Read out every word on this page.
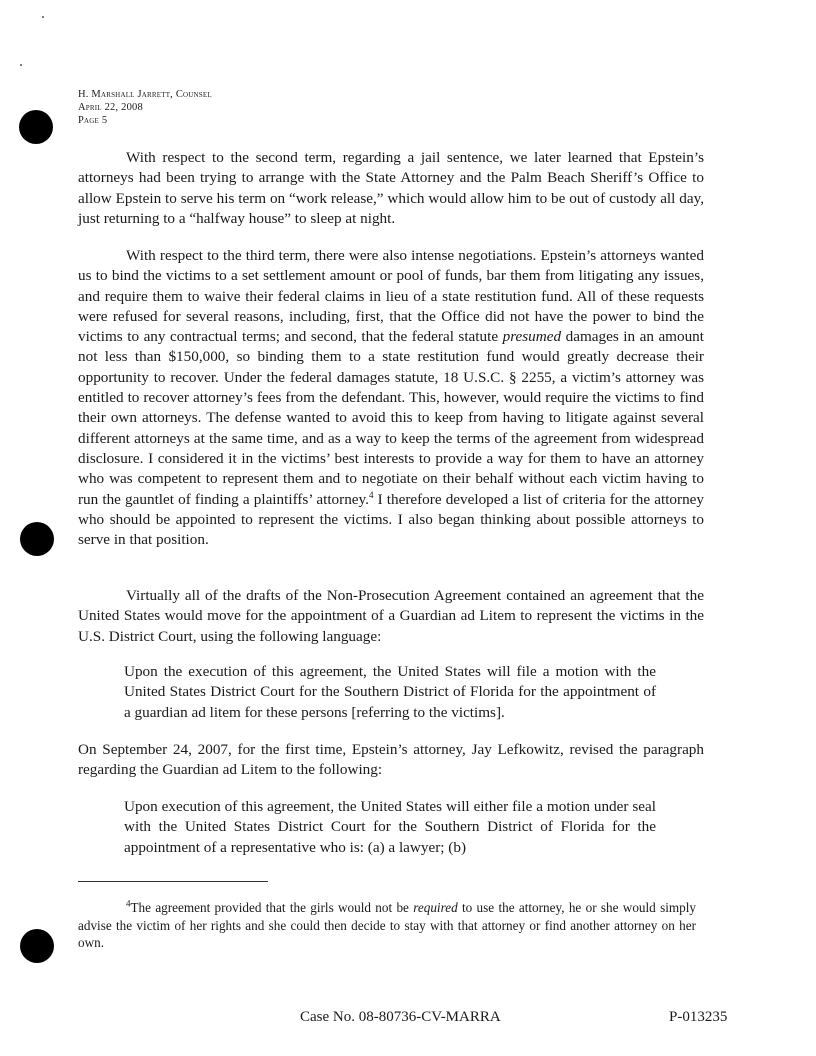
H. Marshall Jarrett, Counsel
April 22, 2008
Page 5

With respect to the second term, regarding a jail sentence, we later learned that Epstein’s attorneys had been trying to arrange with the State Attorney and the Palm Beach Sheriff’s Office to allow Epstein to serve his term on “work release,” which would allow him to be out of custody all day, just returning to a “halfway house” to sleep at night.

With respect to the third term, there were also intense negotiations. Epstein’s attorneys wanted us to bind the victims to a set settlement amount or pool of funds, bar them from litigating any issues, and require them to waive their federal claims in lieu of a state restitution fund. All of these requests were refused for several reasons, including, first, that the Office did not have the power to bind the victims to any contractual terms; and second, that the federal statute presumed damages in an amount not less than $150,000, so binding them to a state restitution fund would greatly decrease their opportunity to recover. Under the federal damages statute, 18 U.S.C. § 2255, a victim’s attorney was entitled to recover attorney’s fees from the defendant. This, however, would require the victims to find their own attorneys. The defense wanted to avoid this to keep from having to litigate against several different attorneys at the same time, and as a way to keep the terms of the agreement from widespread disclosure. I considered it in the victims’ best interests to provide a way for them to have an attorney who was competent to represent them and to negotiate on their behalf without each victim having to run the gauntlet of finding a plaintiffs’ attorney.$^4$ I therefore developed a list of criteria for the attorney who should be appointed to represent the victims. I also began thinking about possible attorneys to serve in that position.

Virtually all of the drafts of the Non-Prosecution Agreement contained an agreement that the United States would move for the appointment of a Guardian ad Litem to represent the victims in the U.S. District Court, using the following language:

Upon the execution of this agreement, the United States will file a motion with the United States District Court for the Southern District of Florida for the appointment of a guardian ad litem for these persons [referring to the victims].

On September 24, 2007, for the first time, Epstein’s attorney, Jay Lefkowitz, revised the paragraph regarding the Guardian ad Litem to the following:

Upon execution of this agreement, the United States will either file a motion under seal with the United States District Court for the Southern District of Florida for the appointment of a representative who is: (a) a lawyer; (b)

$^4$The agreement provided that the girls would not be required to use the attorney, he or she would simply advise the victim of her rights and she could then decide to stay with that attorney or find another attorney on her own.

Case No. 08-80736-CV-MARRA	P-013235
